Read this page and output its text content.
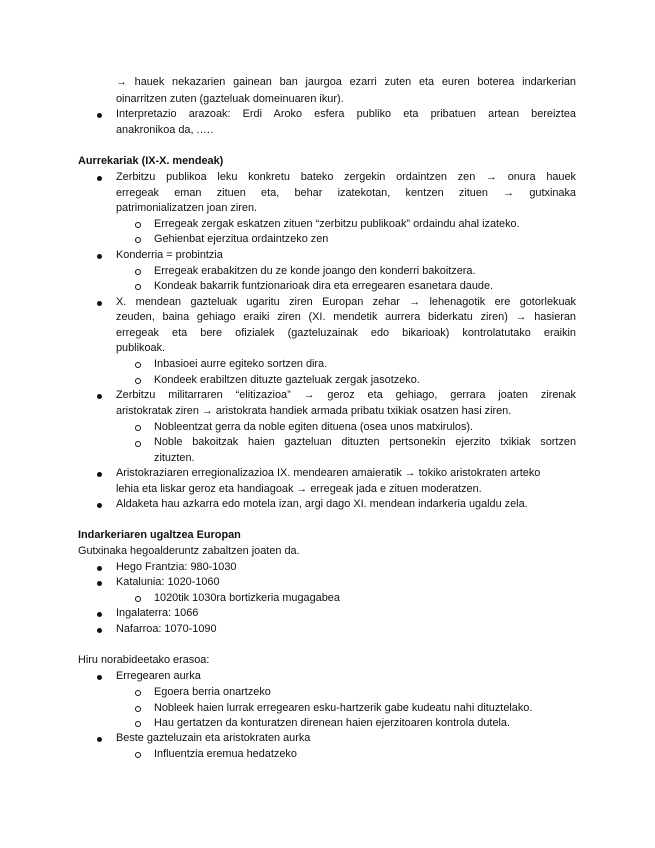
→ hauek nekazarien gainean ban jaurgoa ezarri zuten eta euren boterea indarkerian
oinarritzen zuten (gazteluak domeinuaren ikur).
Interpretazio arazoak: Erdi Aroko esfera publiko eta pribatuen artean bereiztea
anakronikoa da, .….
Aurrekariak (IX-X. mendeak)
Zerbitzu publikoa leku konkretu bateko zergekin ordaintzen zen → onura hauek
erregeak eman zituen eta, behar izatekotan, kentzen zituen → gutxinaka
patrimonializatzen joan ziren.
Erregeak zergak eskatzen zituen “zerbitzu publikoak” ordaindu ahal izateko.
Gehienbat ejerzitua ordaintzeko zen
Konderria = probintzia
Erregeak erabakitzen du ze konde joango den konderri bakoitzera.
Kondeak bakarrik funtzionarioak dira eta erregearen esanetara daude.
X. mendean gazteluak ugaritu ziren Europan zehar → lehenagotik ere gotorlekuak
zeuden, baina gehiago eraiki ziren (XI. mendetik aurrera biderkatu ziren) → hasieran
erregeak eta bere ofizialek (gazteluzainak edo bikarioak) kontrolatutako eraikin
publikoak.
Inbasioei aurre egiteko sortzen dira.
Kondeek erabiltzen dituzte gazteluak zergak jasotzeko.
Zerbitzu militarraren “elitizazioa” → geroz eta gehiago, gerrara joaten zirenak
aristokratak ziren → aristokrata handiek armada pribatu txikiak osatzen hasi ziren.
Nobleentzat gerra da noble egiten dituena (osea unos matxirulos).
Noble bakoitzak haien gazteluan dituzten pertsonekin ejerzito txikiak sortzen
zituzten.
Aristokraziaren erregionalizazioa IX. mendearen amaieratik → tokiko aristokraten arteko
lehia eta liskar geroz eta handiagoak → erregeak jada e zituen moderatzen.
Aldaketa hau azkarra edo motela izan, argi dago XI. mendean indarkeria ugaldu zela.
Indarkeriaren ugaltzea Europan
Gutxinaka hegoalderuntz zabaltzen joaten da.
Hego Frantzia: 980-1030
Katalunia: 1020-1060
1020tik 1030ra bortizkeria mugagabea
Ingalaterra: 1066
Nafarroa: 1070-1090
Hiru norabideetako erasoa:
Erregearen aurka
Egoera berria onartzeko
Nobleek haien lurrak erregearen esku-hartzerik gabe kudeatu nahi dituztelako.
Hau gertatzen da konturatzen direnean haien ejerzitoaren kontrola dutela.
Beste gazteluzain eta aristokraten aurka
Influentzia eremua hedatzeko
